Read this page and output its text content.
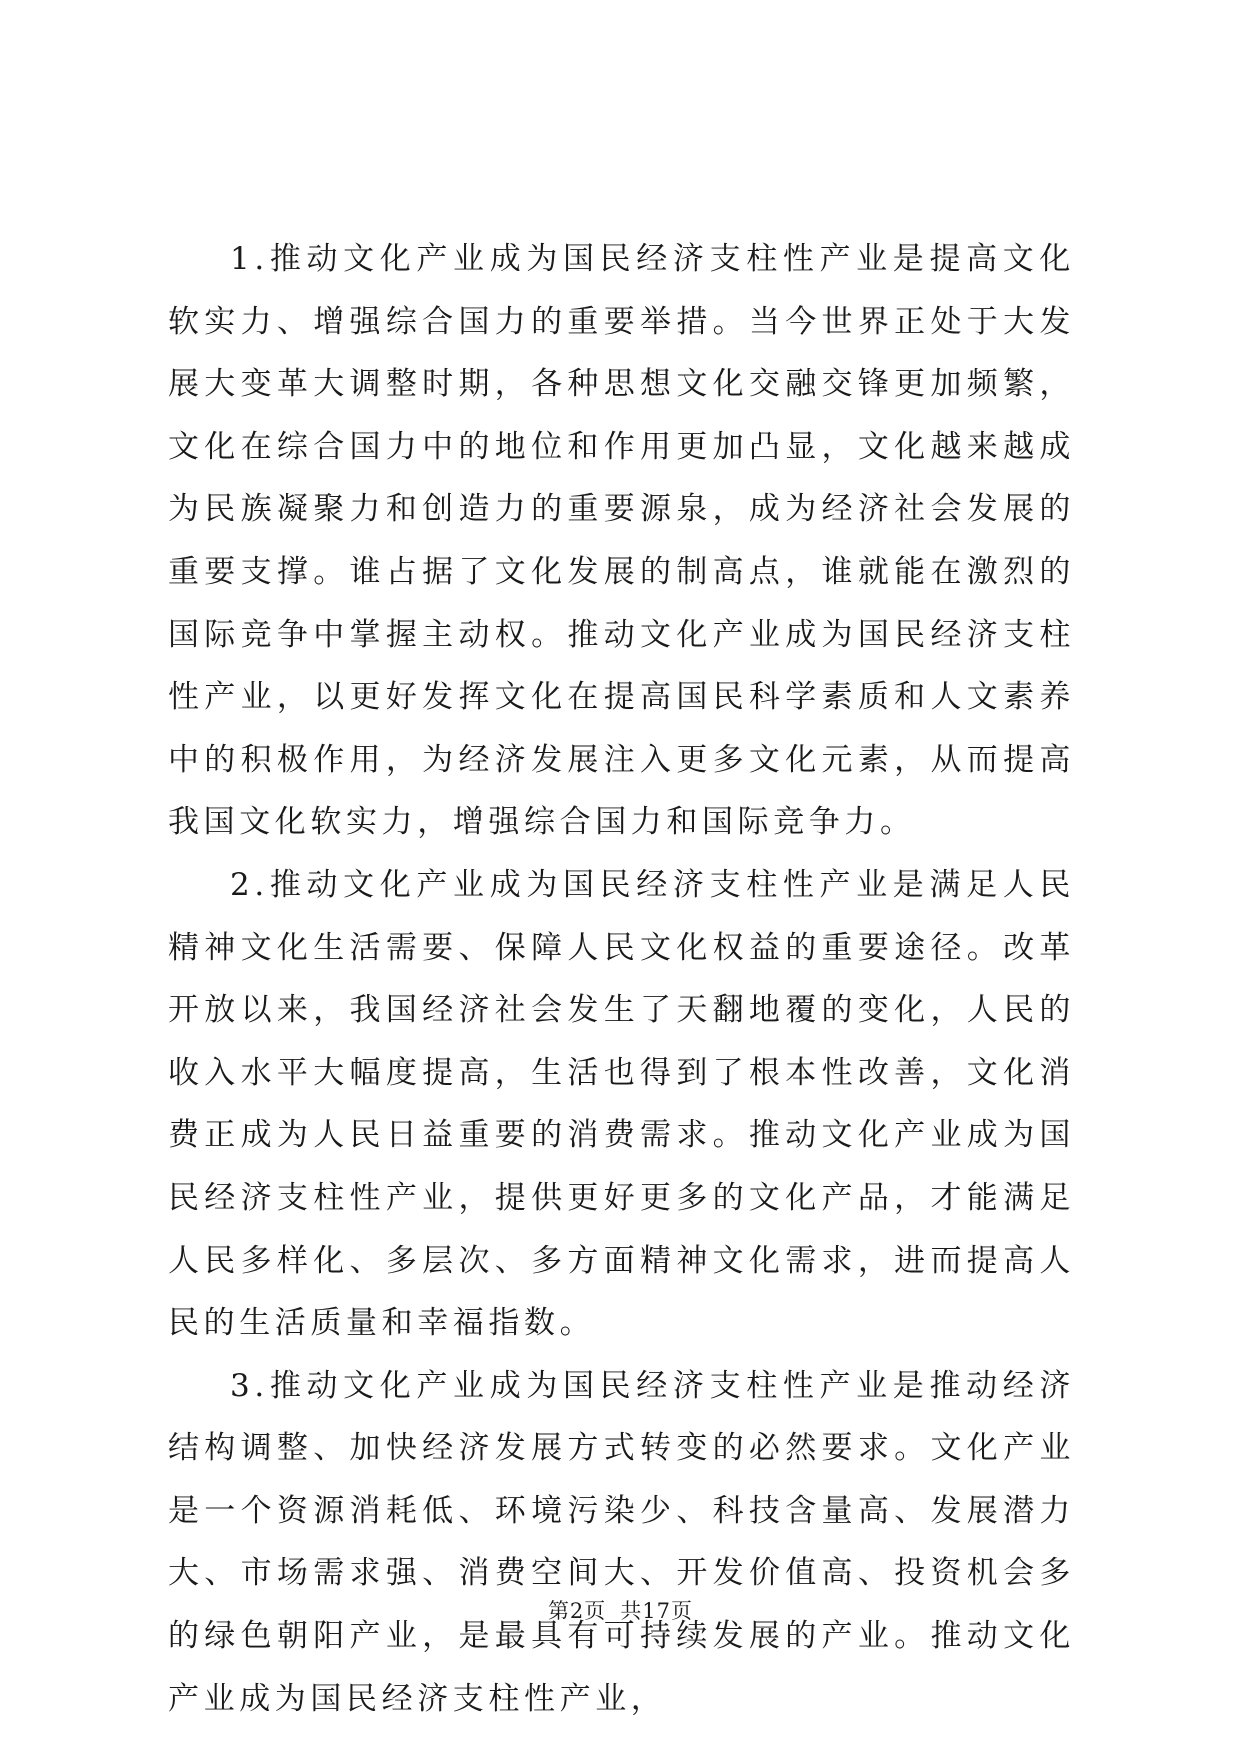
1.推动文化产业成为国民经济支柱性产业是提高文化软实力、增强综合国力的重要举措。当今世界正处于大发展大变革大调整时期，各种思想文化交融交锋更加频繁，文化在综合国力中的地位和作用更加凸显，文化越来越成为民族凝聚力和创造力的重要源泉，成为经济社会发展的重要支撑。谁占据了文化发展的制高点，谁就能在激烈的国际竞争中掌握主动权。推动文化产业成为国民经济支柱性产业，以更好发挥文化在提高国民科学素质和人文素养中的积极作用，为经济发展注入更多文化元素，从而提高我国文化软实力，增强综合国力和国际竞争力。

2.推动文化产业成为国民经济支柱性产业是满足人民精神文化生活需要、保障人民文化权益的重要途径。改革开放以来，我国经济社会发生了天翻地覆的变化，人民的收入水平大幅度提高，生活也得到了根本性改善，文化消费正成为人民日益重要的消费需求。推动文化产业成为国民经济支柱性产业，提供更好更多的文化产品，才能满足人民多样化、多层次、多方面精神文化需求，进而提高人民的生活质量和幸福指数。

3.推动文化产业成为国民经济支柱性产业是推动经济结构调整、加快经济发展方式转变的必然要求。文化产业是一个资源消耗低、环境污染少、科技含量高、发展潜力大、市场需求强、消费空间大、开发价值高、投资机会多的绿色朝阳产业，是最具有可持续发展的产业。推动文化产业成为国民经济支柱性产业，

第2页 共17页
